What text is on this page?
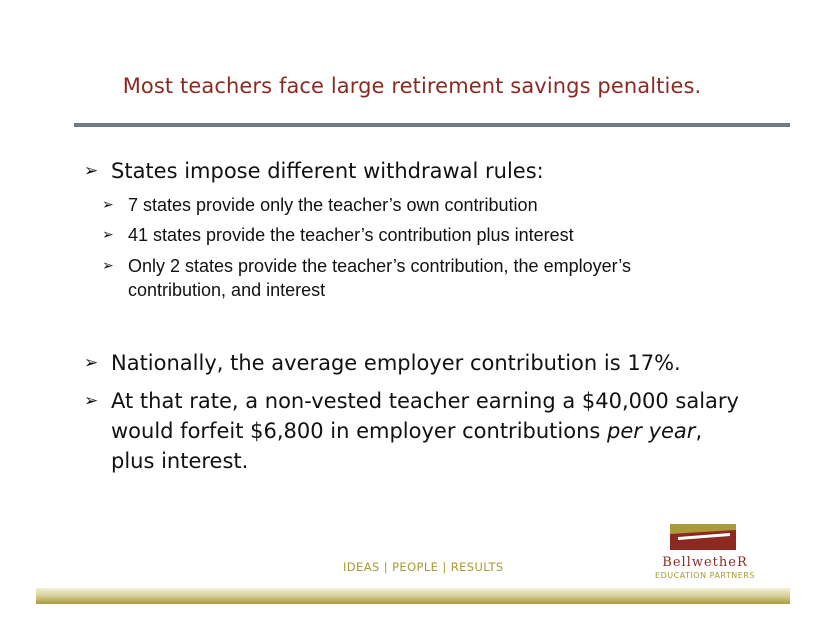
Most teachers face large retirement savings penalties.
➢ States impose different withdrawal rules:
➢ 7 states provide only the teacher’s own contribution
➢ 41 states provide the teacher’s contribution plus interest
➢ Only 2 states provide the teacher’s contribution, the employer’s contribution, and interest
➢ Nationally, the average employer contribution is 17%.
➢ At that rate, a non-vested teacher earning a $40,000 salary would forfeit $6,800 in employer contributions per year, plus interest.
IDEAS | PEOPLE | RESULTS	BellwetheR
EDUCATION PARTNERS
